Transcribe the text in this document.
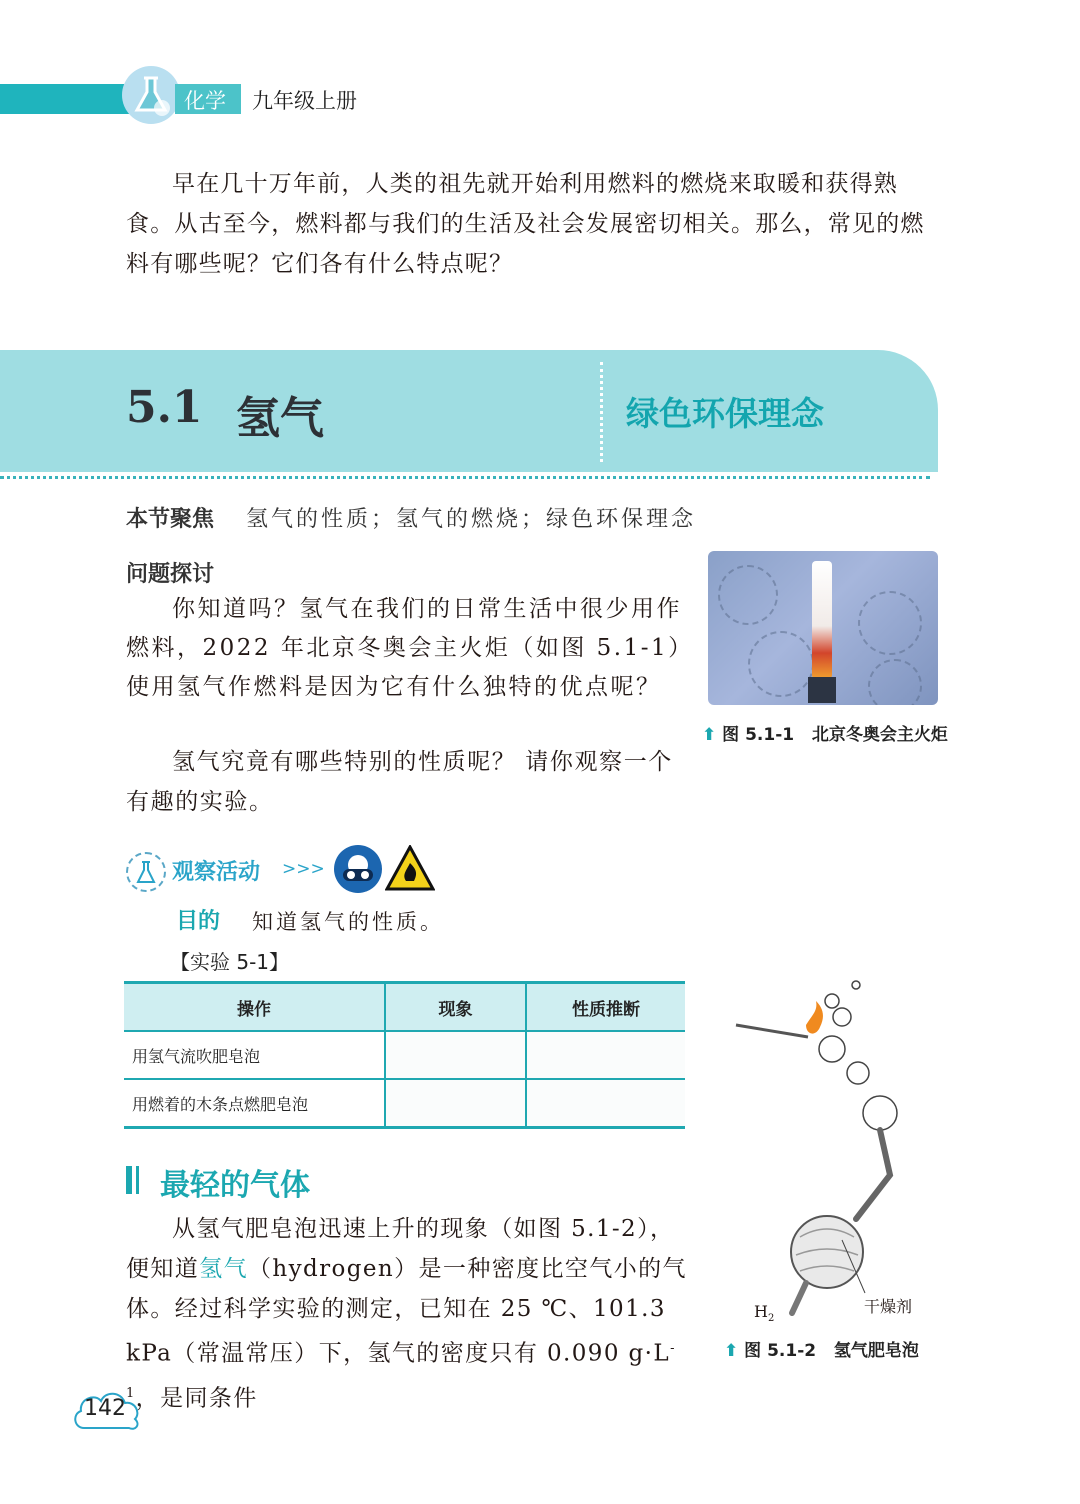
化学 九年级上册
早在几十万年前，人类的祖先就开始利用燃料的燃烧来取暖和获得熟食。从古至今，燃料都与我们的生活及社会发展密切相关。那么，常见的燃料有哪些呢？它们各有什么特点呢？
5.1 氢气	绿色环保理念
本节聚焦 氢气的性质；氢气的燃烧；绿色环保理念
问题探讨
你知道吗？氢气在我们的日常生活中很少用作燃料，2022 年北京冬奥会主火炬（如图 5.1-1）使用氢气作燃料是因为它有什么独特的优点呢？
⬆ 图 5.1-1 北京冬奥会主火炬
氢气究竟有哪些特别的性质呢？ 请你观察一个有趣的实验。
观察活动 >>>
目的 知道氢气的性质。
【实验 5-1】
操作	现象	性质推断
用氢气流吹肥皂泡		
用燃着的木条点燃肥皂泡		
最轻的气体
从氢气肥皂泡迅速上升的现象（如图 5.1-2），便知道氢气（hydrogen）是一种密度比空气小的气体。经过科学实验的测定，已知在 25 ℃、101.3 kPa（常温常压）下，氢气的密度只有 0.090 $g\cdot L^{-1}$，是同条件
干燥剂
$H_2$
⬆ 图 5.1-2 氢气肥皂泡
142
